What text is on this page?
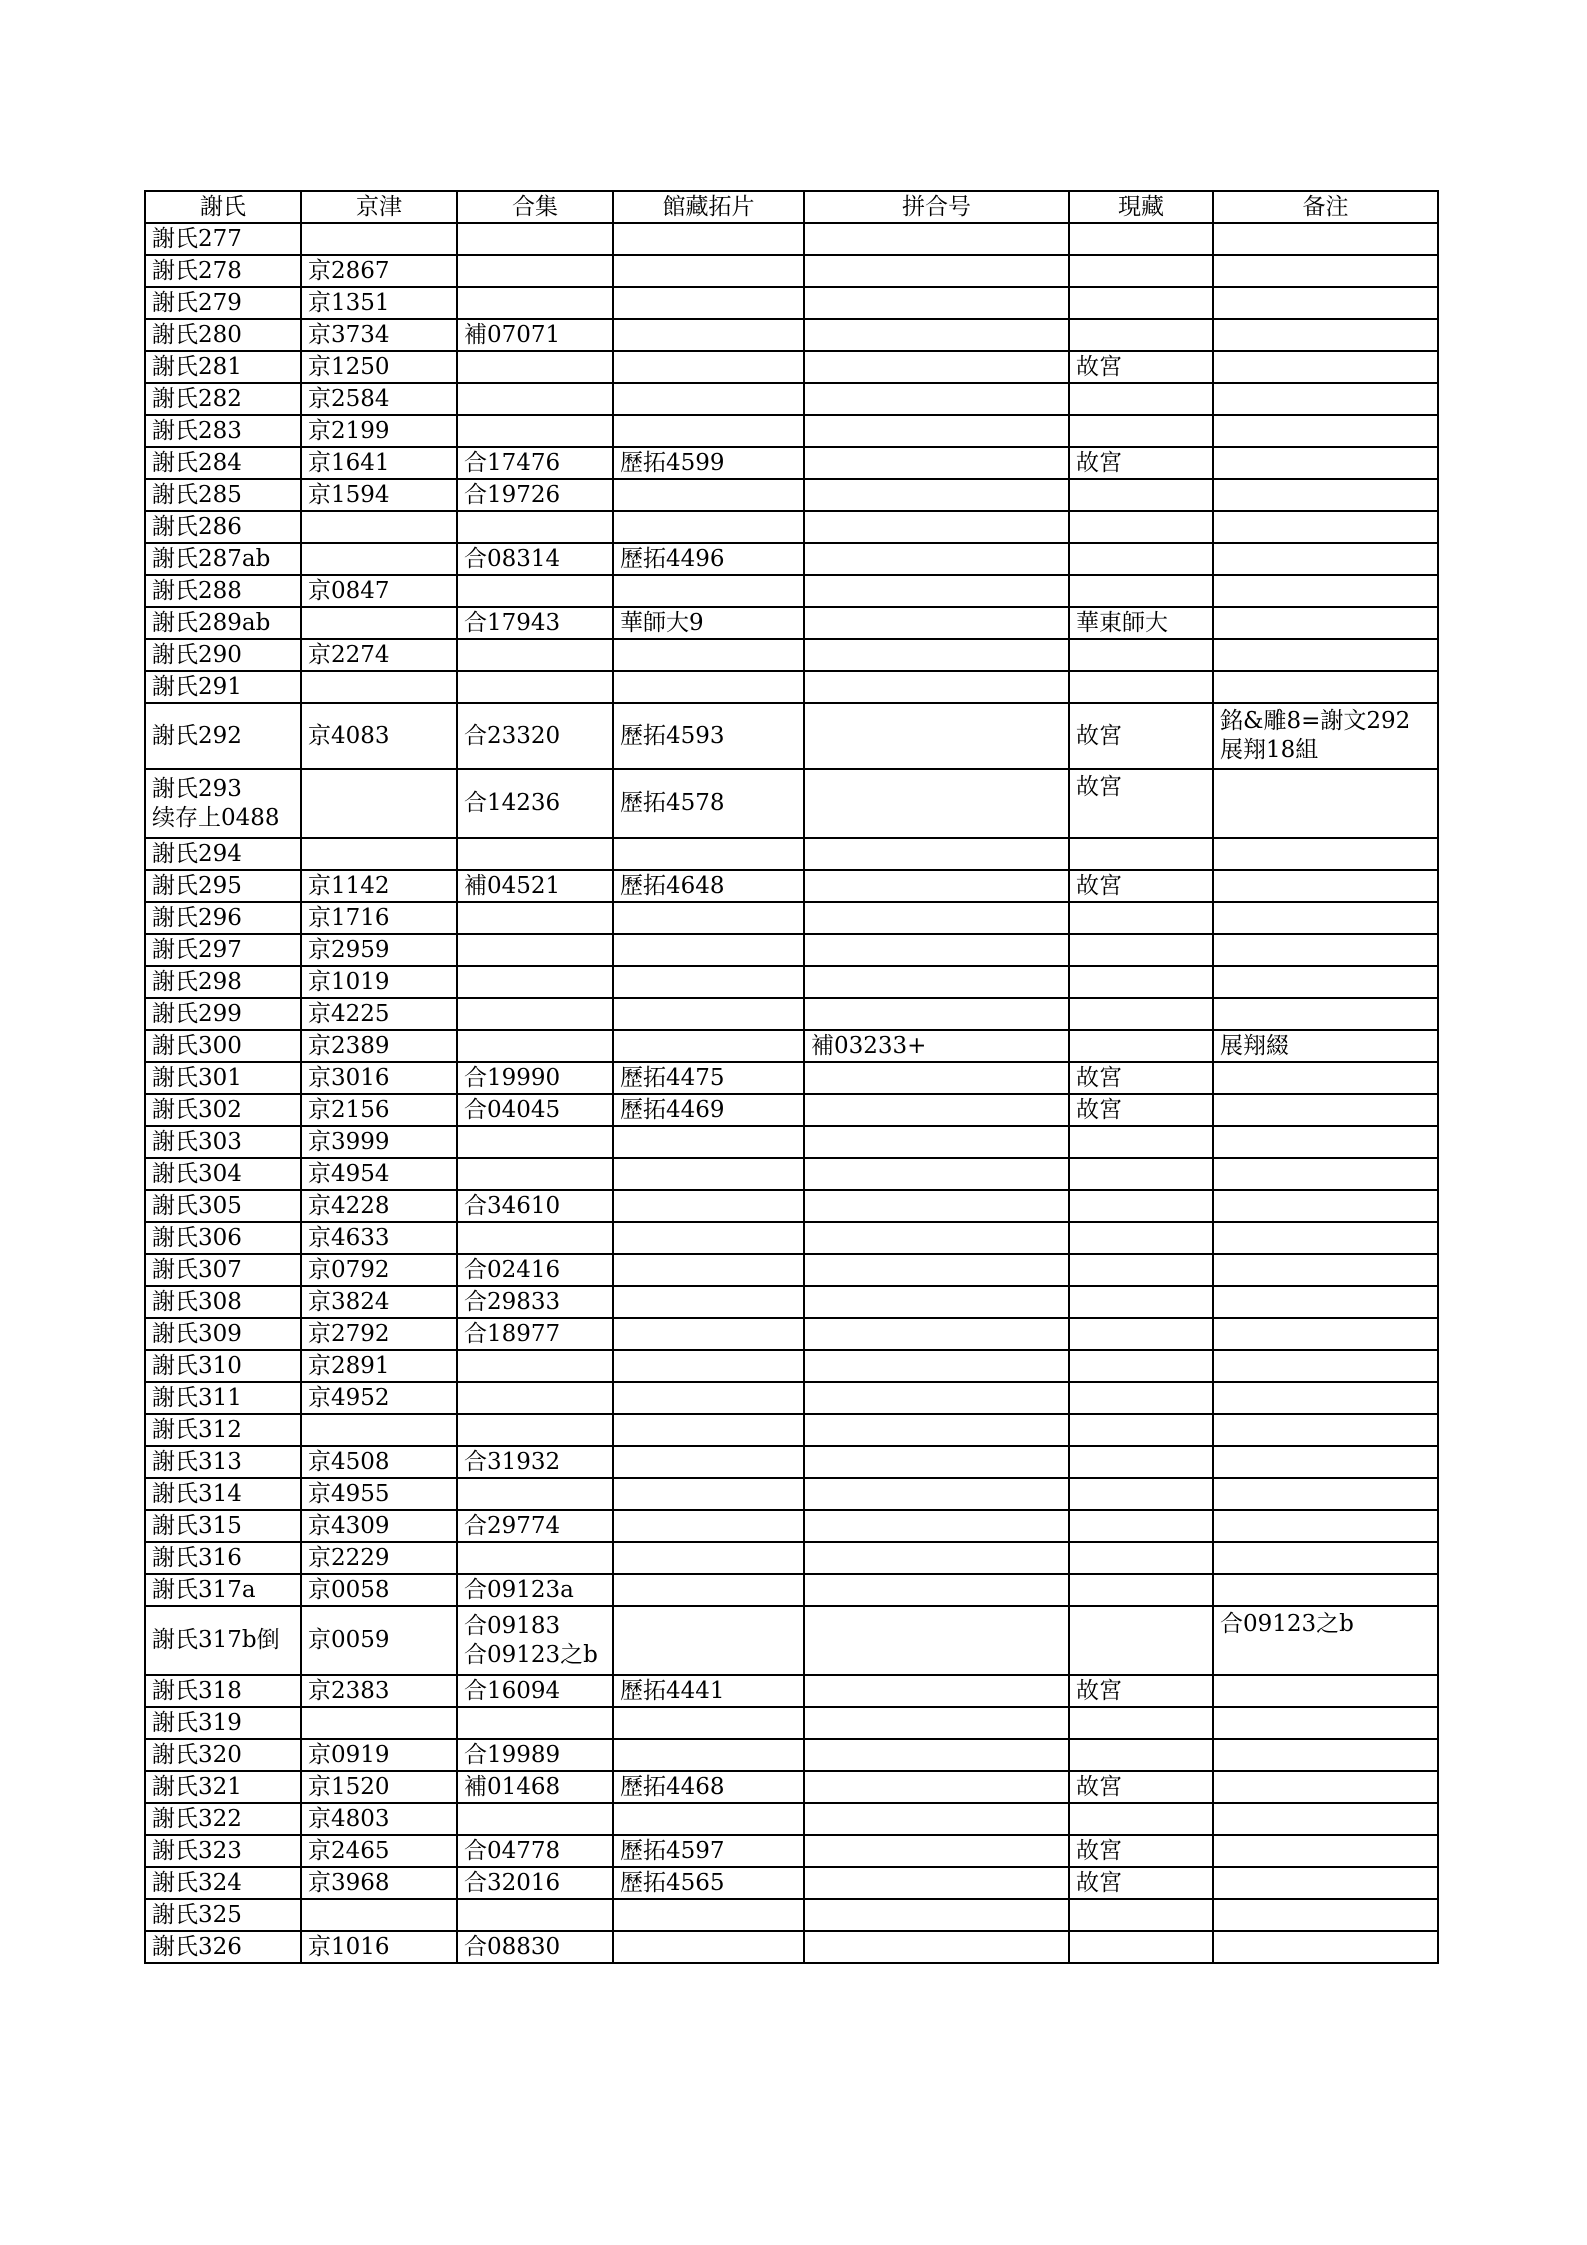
謝氏	京津	合集	館藏拓片	拼合号	現藏	备注
謝氏277						
謝氏278	京2867					
謝氏279	京1351					
謝氏280	京3734	補07071				
謝氏281	京1250				故宮	
謝氏282	京2584					
謝氏283	京2199					
謝氏284	京1641	合17476	歷拓4599		故宮	
謝氏285	京1594	合19726				
謝氏286						
謝氏287ab		合08314	歷拓4496			
謝氏288	京0847					
謝氏289ab		合17943	華師大9		華東師大	
謝氏290	京2274					
謝氏291						
謝氏292	京4083	合23320	歷拓4593		故宮	銘&雕8=謝文292
展翔18組

謝氏293
续存上0488		合14236	歷拓4578		故宮	
謝氏294						
謝氏295	京1142	補04521	歷拓4648		故宮	
謝氏296	京1716					
謝氏297	京2959					
謝氏298	京1019					
謝氏299	京4225					
謝氏300	京2389			補03233+		展翔綴
謝氏301	京3016	合19990	歷拓4475		故宮	
謝氏302	京2156	合04045	歷拓4469		故宮	
謝氏303	京3999					
謝氏304	京4954					
謝氏305	京4228	合34610				
謝氏306	京4633					
謝氏307	京0792	合02416				
謝氏308	京3824	合29833				
謝氏309	京2792	合18977				
謝氏310	京2891					
謝氏311	京4952					
謝氏312						
謝氏313	京4508	合31932				
謝氏314	京4955					
謝氏315	京4309	合29774				
謝氏316	京2229					
謝氏317a	京0058	合09123a				
謝氏317b倒	京0059	合09183
合09123之b				合09123之b
謝氏318	京2383	合16094	歷拓4441		故宮	
謝氏319						
謝氏320	京0919	合19989				
謝氏321	京1520	補01468	歷拓4468		故宮	
謝氏322	京4803					
謝氏323	京2465	合04778	歷拓4597		故宮	
謝氏324	京3968	合32016	歷拓4565		故宮	
謝氏325						
謝氏326	京1016	合08830				
